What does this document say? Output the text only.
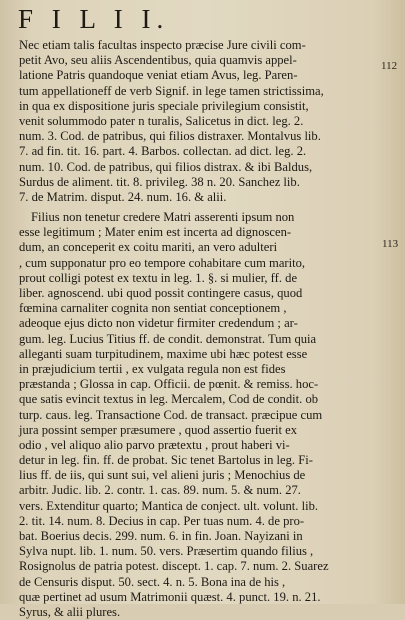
F I L I I.
112
113
Nec etiam talis facultas inspecto præcise Jure civili com-
petit Avo, seu aliis Ascendentibus, quia quamvis appel-
latione Patris quandoque veniat etiam Avus, leg. Paren-
tum appellationeff de verb Signif. in lege tamen strictissima,
in qua ex dispositione juris speciale privilegium consistit,
venit solummodo pater n turalis, Salicetus in dict. leg. 2.
num. 3. Cod. de patribus, qui filios distraxer. Montalvus lib.
7. ad fin. tit. 16. part. 4. Barbos. collectan. ad dict. leg. 2.
num. 10. Cod. de patribus, qui filios distrax. & ibi Baldus,
Surdus de aliment. tit. 8. privileg. 38 n. 20. Sanchez lib.
7. de Matrim. disput. 24. num. 16. & alii.
Filius non tenetur credere Matri asserenti ipsum non
esse legitimum ; Mater enim est incerta ad dignoscen-
dum, an conceperit ex coitu mariti, an vero adulteri
, cum supponatur pro eo tempore cohabitare cum marito,
prout colligi potest ex textu in leg. 1. §. si mulier, ff. de
liber. agnoscend. ubi quod possit contingere casus, quod
fœmina carnaliter cognita non sentiat conceptionem ,
adeoque ejus dicto non videtur firmiter credendum ; ar-
gum. leg. Lucius Titius ff. de condit. demonstrat. Tum quia
alleganti suam turpitudinem, maxime ubi hæc potest esse
in præjudicium tertii , ex vulgata regula non est fides
præstanda ; Glossa in cap. Officii. de pœnit. & remiss. hoc-
que satis evincit textus in leg. Mercalem, Cod de condit. ob
turp. caus. leg. Transactione Cod. de transact. præcipue cum
jura possint semper præsumere , quod assertio fuerit ex
odio , vel aliquo alio parvo prætextu , prout haberi vi-
detur in leg. fin. ff. de probat. Sic tenet Bartolus in leg. Fi-
lius ff. de iis, qui sunt sui, vel alieni juris ; Menochius de
arbitr. Judic. lib. 2. contr. 1. cas. 89. num. 5. & num. 27.
vers. Extenditur quarto; Mantica de conject. ult. volunt. lib.
2. tit. 14. num. 8. Decius in cap. Per tuas num. 4. de pro-
bat. Boerius decis. 299. num. 6. in fin. Joan. Nayizani in
Sylva nupt. lib. 1. num. 50. vers. Præsertim quando filius ,
Rosignolus de patria potest. discept. 1. cap. 7. num. 2. Suarez
de Censuris disput. 50. sect. 4. n. 5. Bona ina de his ,
quæ pertinet ad usum Matrimonii quæst. 4. punct. 19. n. 21.
Syrus, & alii plures.
